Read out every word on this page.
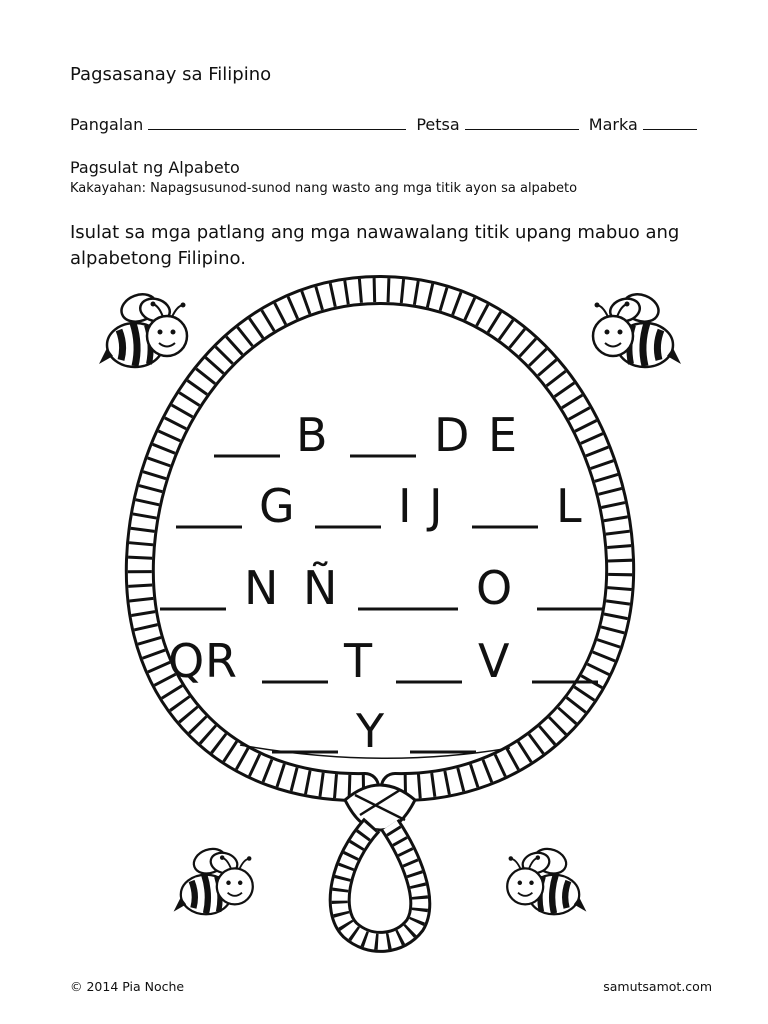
Pagsasanay sa Filipino
Pangalan	Petsa	Marka
Pagsulat ng Alpabeto
Kakayahan: Napagsusunod-sunod nang wasto ang mga titik ayon sa alpabeto
Isulat sa mga patlang ang mga nawawalang titik upang mabuo ang alpabetong Filipino.
B D E
G I J L
N Ñ	O
Q R T V
Y
© 2014 Pia Noche	samutsamot.com
